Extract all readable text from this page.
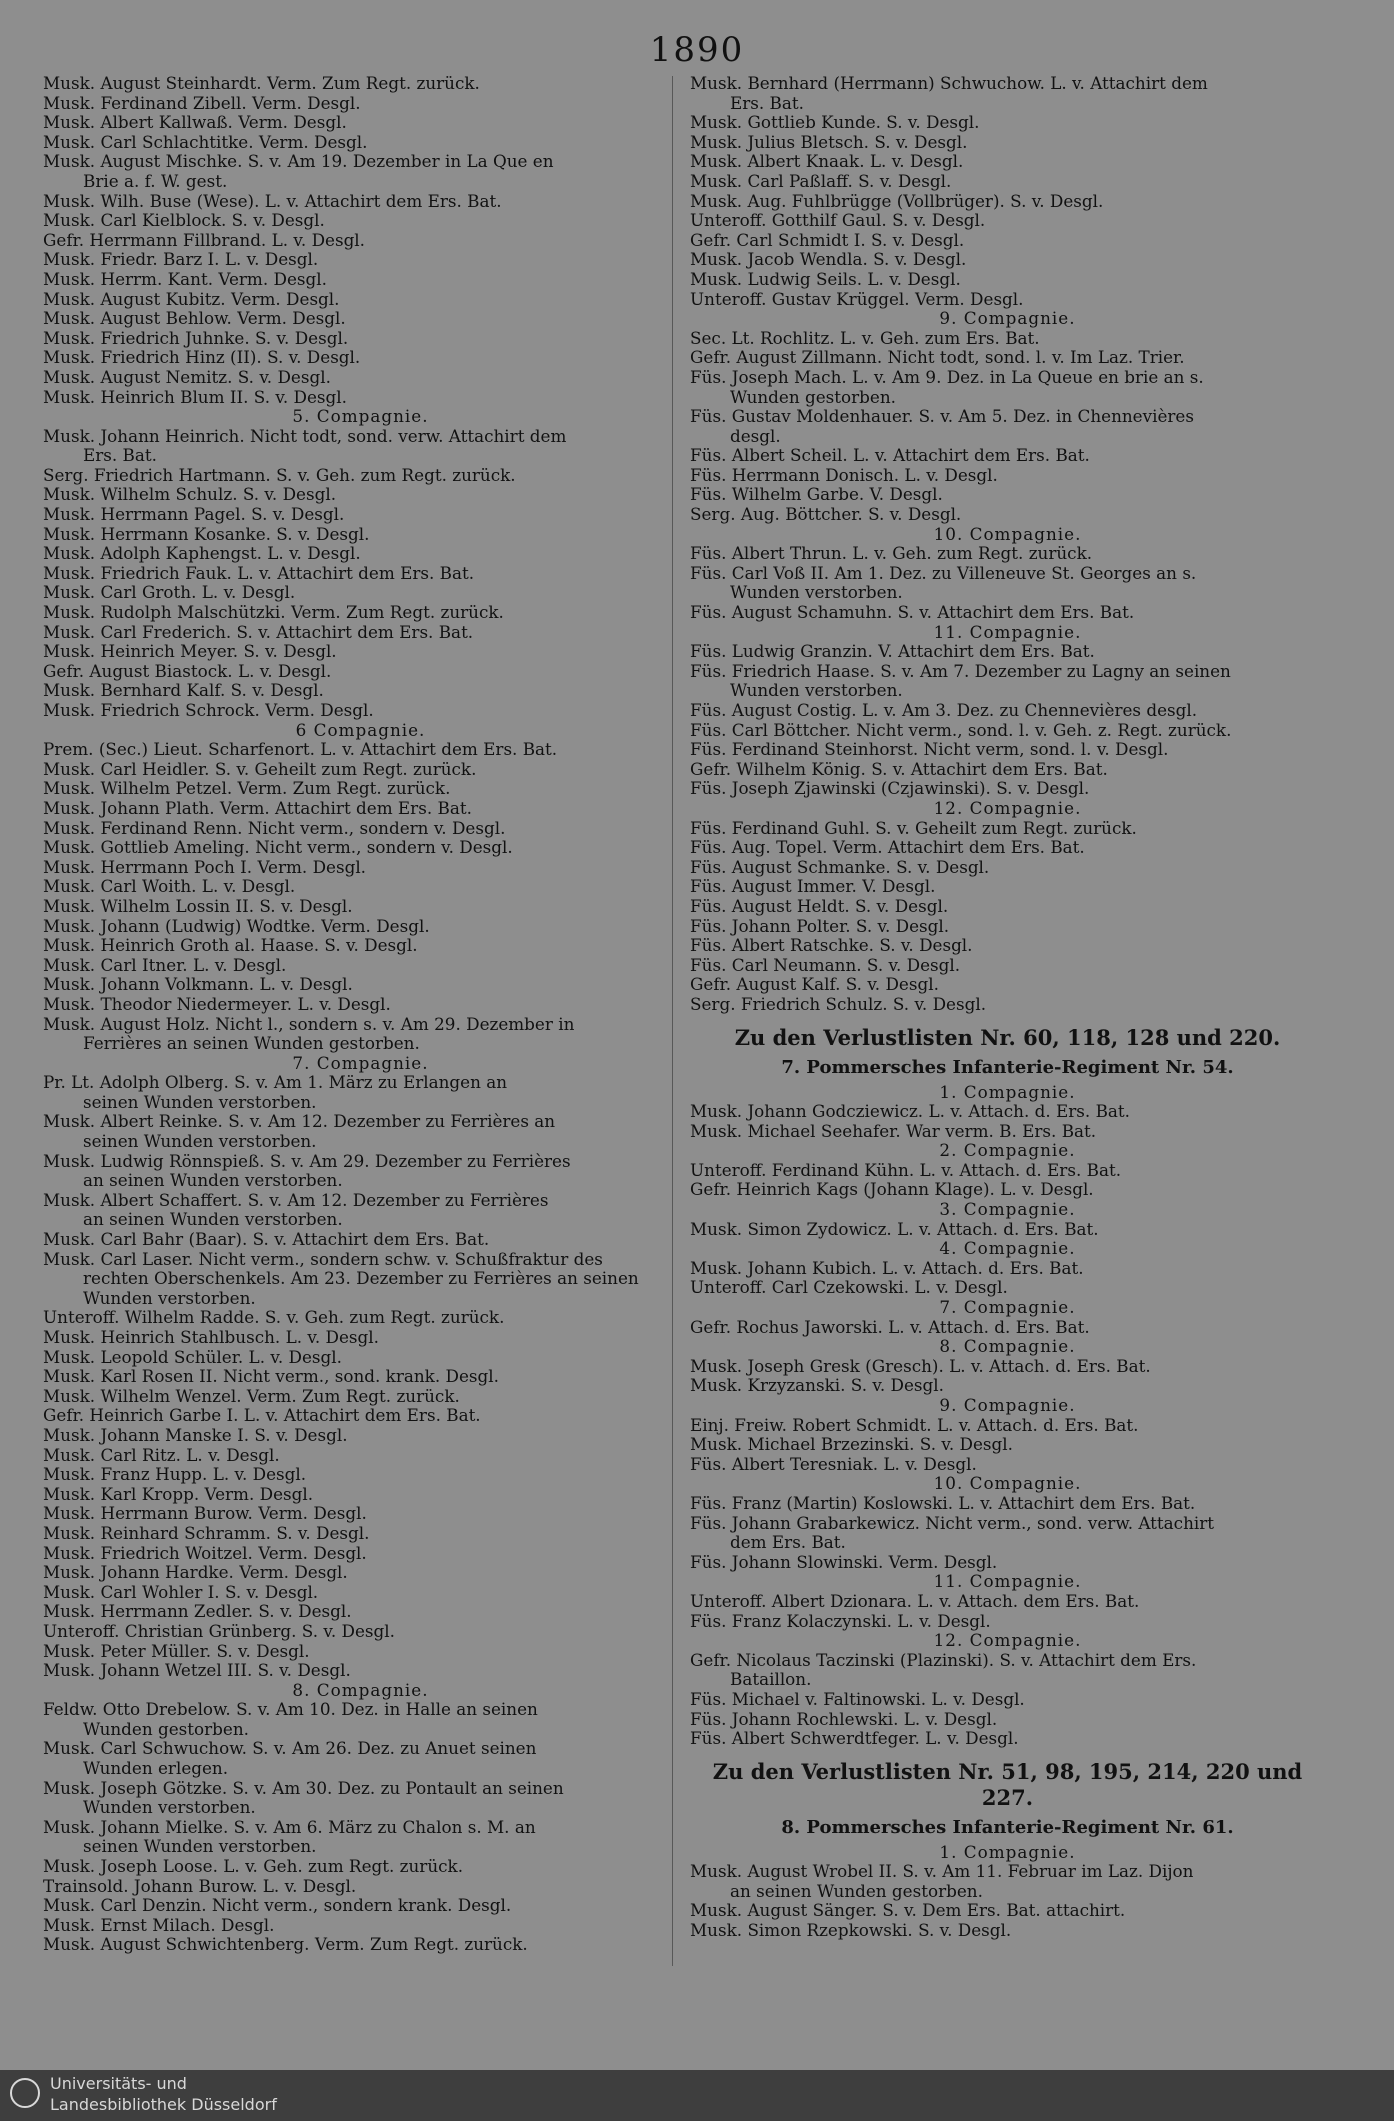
1890
Musk. August Steinhardt. Verm. Zum Regt. zurück.
Musk. Ferdinand Zibell. Verm. Desgl.
Musk. Albert Kallwaß. Verm. Desgl.
Musk. Carl Schlachtitke. Verm. Desgl.
Musk. August Mischke. S. v. Am 19. Dezember in La Que en
Brie a. f. W. gest.
Musk. Wilh. Buse (Wese). L. v. Attachirt dem Ers. Bat.
Musk. Carl Kielblock. S. v. Desgl.
Gefr. Herrmann Fillbrand. L. v. Desgl.
Musk. Friedr. Barz I. L. v. Desgl.
Musk. Herrm. Kant. Verm. Desgl.
Musk. August Kubitz. Verm. Desgl.
Musk. August Behlow. Verm. Desgl.
Musk. Friedrich Juhnke. S. v. Desgl.
Musk. Friedrich Hinz (II). S. v. Desgl.
Musk. August Nemitz. S. v. Desgl.
Musk. Heinrich Blum II. S. v. Desgl.
5. Compagnie.
Musk. Johann Heinrich. Nicht todt, sond. verw. Attachirt dem
Ers. Bat.
Serg. Friedrich Hartmann. S. v. Geh. zum Regt. zurück.
Musk. Wilhelm Schulz. S. v. Desgl.
Musk. Herrmann Pagel. S. v. Desgl.
Musk. Herrmann Kosanke. S. v. Desgl.
Musk. Adolph Kaphengst. L. v. Desgl.
Musk. Friedrich Fauk. L. v. Attachirt dem Ers. Bat.
Musk. Carl Groth. L. v. Desgl.
Musk. Rudolph Malschützki. Verm. Zum Regt. zurück.
Musk. Carl Frederich. S. v. Attachirt dem Ers. Bat.
Musk. Heinrich Meyer. S. v. Desgl.
Gefr. August Biastock. L. v. Desgl.
Musk. Bernhard Kalf. S. v. Desgl.
Musk. Friedrich Schrock. Verm. Desgl.
6 Compagnie.
Prem. (Sec.) Lieut. Scharfenort. L. v. Attachirt dem Ers. Bat.
Musk. Carl Heidler. S. v. Geheilt zum Regt. zurück.
Musk. Wilhelm Petzel. Verm. Zum Regt. zurück.
Musk. Johann Plath. Verm. Attachirt dem Ers. Bat.
Musk. Ferdinand Renn. Nicht verm., sondern v. Desgl.
Musk. Gottlieb Ameling. Nicht verm., sondern v. Desgl.
Musk. Herrmann Poch I. Verm. Desgl.
Musk. Carl Woith. L. v. Desgl.
Musk. Wilhelm Lossin II. S. v. Desgl.
Musk. Johann (Ludwig) Wodtke. Verm. Desgl.
Musk. Heinrich Groth al. Haase. S. v. Desgl.
Musk. Carl Itner. L. v. Desgl.
Musk. Johann Volkmann. L. v. Desgl.
Musk. Theodor Niedermeyer. L. v. Desgl.
Musk. August Holz. Nicht l., sondern s. v. Am 29. Dezember in
Ferrières an seinen Wunden gestorben.
7. Compagnie.
Pr. Lt. Adolph Olberg. S. v. Am 1. März zu Erlangen an
seinen Wunden verstorben.
Musk. Albert Reinke. S. v. Am 12. Dezember zu Ferrières an
seinen Wunden verstorben.
Musk. Ludwig Rönnspieß. S. v. Am 29. Dezember zu Ferrières
an seinen Wunden verstorben.
Musk. Albert Schaffert. S. v. Am 12. Dezember zu Ferrières
an seinen Wunden verstorben.
Musk. Carl Bahr (Baar). S. v. Attachirt dem Ers. Bat.
Musk. Carl Laser. Nicht verm., sondern schw. v. Schußfraktur des
rechten Oberschenkels. Am 23. Dezember zu Ferrières an seinen
Wunden verstorben.
Unteroff. Wilhelm Radde. S. v. Geh. zum Regt. zurück.
Musk. Heinrich Stahlbusch. L. v. Desgl.
Musk. Leopold Schüler. L. v. Desgl.
Musk. Karl Rosen II. Nicht verm., sond. krank. Desgl.
Musk. Wilhelm Wenzel. Verm. Zum Regt. zurück.
Gefr. Heinrich Garbe I. L. v. Attachirt dem Ers. Bat.
Musk. Johann Manske I. S. v. Desgl.
Musk. Carl Ritz. L. v. Desgl.
Musk. Franz Hupp. L. v. Desgl.
Musk. Karl Kropp. Verm. Desgl.
Musk. Herrmann Burow. Verm. Desgl.
Musk. Reinhard Schramm. S. v. Desgl.
Musk. Friedrich Woitzel. Verm. Desgl.
Musk. Johann Hardke. Verm. Desgl.
Musk. Carl Wohler I. S. v. Desgl.
Musk. Herrmann Zedler. S. v. Desgl.
Unteroff. Christian Grünberg. S. v. Desgl.
Musk. Peter Müller. S. v. Desgl.
Musk. Johann Wetzel III. S. v. Desgl.
8. Compagnie.
Feldw. Otto Drebelow. S. v. Am 10. Dez. in Halle an seinen
Wunden gestorben.
Musk. Carl Schwuchow. S. v. Am 26. Dez. zu Anuet seinen
Wunden erlegen.
Musk. Joseph Götzke. S. v. Am 30. Dez. zu Pontault an seinen
Wunden verstorben.
Musk. Johann Mielke. S. v. Am 6. März zu Chalon s. M. an
seinen Wunden verstorben.
Musk. Joseph Loose. L. v. Geh. zum Regt. zurück.
Trainsold. Johann Burow. L. v. Desgl.
Musk. Carl Denzin. Nicht verm., sondern krank. Desgl.
Musk. Ernst Milach. Desgl.
Musk. August Schwichtenberg. Verm. Zum Regt. zurück.
Musk. Bernhard (Herrmann) Schwuchow. L. v. Attachirt dem
Ers. Bat.
Musk. Gottlieb Kunde. S. v. Desgl.
Musk. Julius Bletsch. S. v. Desgl.
Musk. Albert Knaak. L. v. Desgl.
Musk. Carl Paßlaff. S. v. Desgl.
Musk. Aug. Fuhlbrügge (Vollbrüger). S. v. Desgl.
Unteroff. Gotthilf Gaul. S. v. Desgl.
Gefr. Carl Schmidt I. S. v. Desgl.
Musk. Jacob Wendla. S. v. Desgl.
Musk. Ludwig Seils. L. v. Desgl.
Unteroff. Gustav Krüggel. Verm. Desgl.
9. Compagnie.
Sec. Lt. Rochlitz. L. v. Geh. zum Ers. Bat.
Gefr. August Zillmann. Nicht todt, sond. l. v. Im Laz. Trier.
Füs. Joseph Mach. L. v. Am 9. Dez. in La Queue en brie an s.
Wunden gestorben.
Füs. Gustav Moldenhauer. S. v. Am 5. Dez. in Chennevières
desgl.
Füs. Albert Scheil. L. v. Attachirt dem Ers. Bat.
Füs. Herrmann Donisch. L. v. Desgl.
Füs. Wilhelm Garbe. V. Desgl.
Serg. Aug. Böttcher. S. v. Desgl.
10. Compagnie.
Füs. Albert Thrun. L. v. Geh. zum Regt. zurück.
Füs. Carl Voß II. Am 1. Dez. zu Villeneuve St. Georges an s.
Wunden verstorben.
Füs. August Schamuhn. S. v. Attachirt dem Ers. Bat.
11. Compagnie.
Füs. Ludwig Granzin. V. Attachirt dem Ers. Bat.
Füs. Friedrich Haase. S. v. Am 7. Dezember zu Lagny an seinen
Wunden verstorben.
Füs. August Costig. L. v. Am 3. Dez. zu Chennevières desgl.
Füs. Carl Böttcher. Nicht verm., sond. l. v. Geh. z. Regt. zurück.
Füs. Ferdinand Steinhorst. Nicht verm, sond. l. v. Desgl.
Gefr. Wilhelm König. S. v. Attachirt dem Ers. Bat.
Füs. Joseph Zjawinski (Czjawinski). S. v. Desgl.
12. Compagnie.
Füs. Ferdinand Guhl. S. v. Geheilt zum Regt. zurück.
Füs. Aug. Topel. Verm. Attachirt dem Ers. Bat.
Füs. August Schmanke. S. v. Desgl.
Füs. August Immer. V. Desgl.
Füs. August Heldt. S. v. Desgl.
Füs. Johann Polter. S. v. Desgl.
Füs. Albert Ratschke. S. v. Desgl.
Füs. Carl Neumann. S. v. Desgl.
Gefr. August Kalf. S. v. Desgl.
Serg. Friedrich Schulz. S. v. Desgl.
Zu den Verlustlisten Nr. 60, 118, 128 und 220.
7. Pommersches Infanterie-Regiment Nr. 54.
1. Compagnie.
Musk. Johann Godcziewicz. L. v. Attach. d. Ers. Bat.
Musk. Michael Seehafer. War verm. B. Ers. Bat.
2. Compagnie.
Unteroff. Ferdinand Kühn. L. v. Attach. d. Ers. Bat.
Gefr. Heinrich Kags (Johann Klage). L. v. Desgl.
3. Compagnie.
Musk. Simon Zydowicz. L. v. Attach. d. Ers. Bat.
4. Compagnie.
Musk. Johann Kubich. L. v. Attach. d. Ers. Bat.
Unteroff. Carl Czekowski. L. v. Desgl.
7. Compagnie.
Gefr. Rochus Jaworski. L. v. Attach. d. Ers. Bat.
8. Compagnie.
Musk. Joseph Gresk (Gresch). L. v. Attach. d. Ers. Bat.
Musk. Krzyzanski. S. v. Desgl.
9. Compagnie.
Einj. Freiw. Robert Schmidt. L. v. Attach. d. Ers. Bat.
Musk. Michael Brzezinski. S. v. Desgl.
Füs. Albert Teresniak. L. v. Desgl.
10. Compagnie.
Füs. Franz (Martin) Koslowski. L. v. Attachirt dem Ers. Bat.
Füs. Johann Grabarkewicz. Nicht verm., sond. verw. Attachirt
dem Ers. Bat.
Füs. Johann Slowinski. Verm. Desgl.
11. Compagnie.
Unteroff. Albert Dzionara. L. v. Attach. dem Ers. Bat.
Füs. Franz Kolaczynski. L. v. Desgl.
12. Compagnie.
Gefr. Nicolaus Taczinski (Plazinski). S. v. Attachirt dem Ers.
Bataillon.
Füs. Michael v. Faltinowski. L. v. Desgl.
Füs. Johann Rochlewski. L. v. Desgl.
Füs. Albert Schwerdtfeger. L. v. Desgl.
Zu den Verlustlisten Nr. 51, 98, 195, 214, 220 und 227.
8. Pommersches Infanterie-Regiment Nr. 61.
1. Compagnie.
Musk. August Wrobel II. S. v. Am 11. Februar im Laz. Dijon
an seinen Wunden gestorben.
Musk. August Sänger. S. v. Dem Ers. Bat. attachirt.
Musk. Simon Rzepkowski. S. v. Desgl.
Universitäts- und
Landesbibliothek Düsseldorf
